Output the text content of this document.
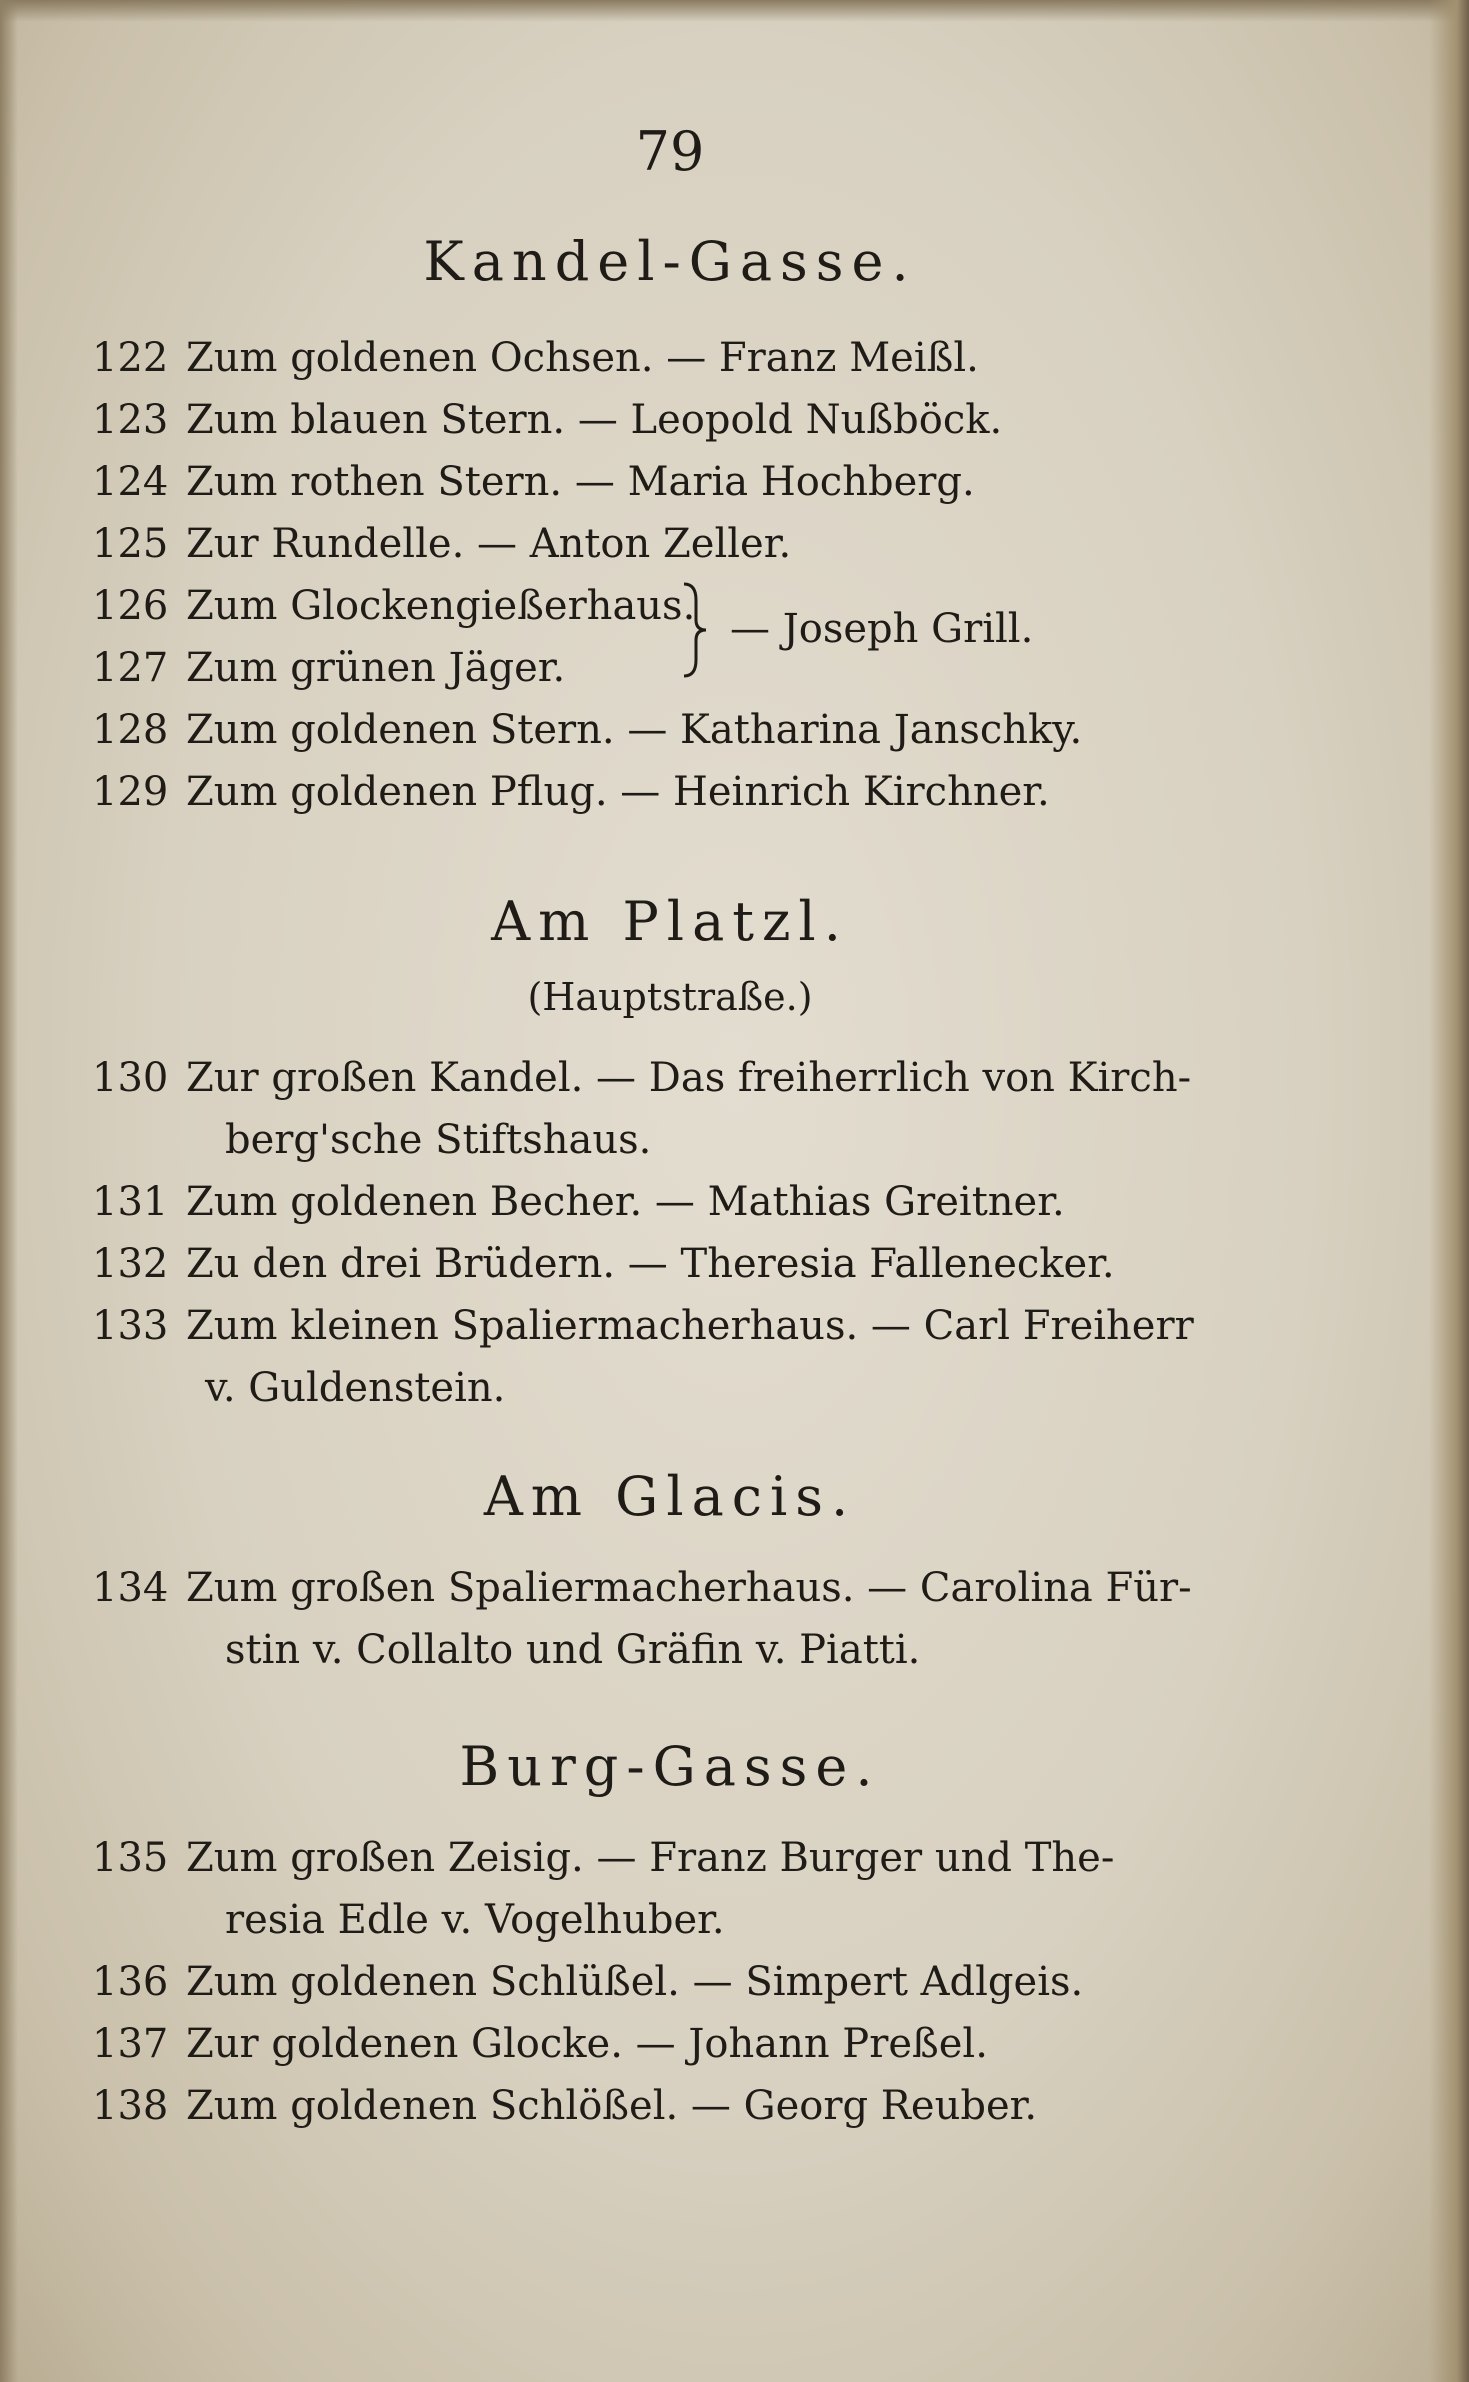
79
Kandel-Gasse.
122 Zum goldenen Ochsen. — Franz Meißl.
123 Zum blauen Stern. — Leopold Nußböck.
124 Zum rothen Stern. — Maria Hochberg.
125 Zur Rundelle. — Anton Zeller.
126 Zum Glockengießerhaus.
127 Zum grünen Jäger.
— Joseph Grill.
128 Zum goldenen Stern. — Katharina Janschky.
129 Zum goldenen Pflug. — Heinrich Kirchner.
Am Platzl.
(Hauptstraße.)
130 Zur großen Kandel. — Das freiherrlich von Kirch-
berg'sche Stiftshaus.
131 Zum goldenen Becher. — Mathias Greitner.
132 Zu den drei Brüdern. — Theresia Fallenecker.
133 Zum kleinen Spaliermacherhaus. — Carl Freiherr
v. Guldenstein.
Am Glacis.
134 Zum großen Spaliermacherhaus. — Carolina Für-
stin v. Collalto und Gräfin v. Piatti.
Burg-Gasse.
135 Zum großen Zeisig. — Franz Burger und The-
resia Edle v. Vogelhuber.
136 Zum goldenen Schlüßel. — Simpert Adlgeis.
137 Zur goldenen Glocke. — Johann Preßel.
138 Zum goldenen Schlößel. — Georg Reuber.
